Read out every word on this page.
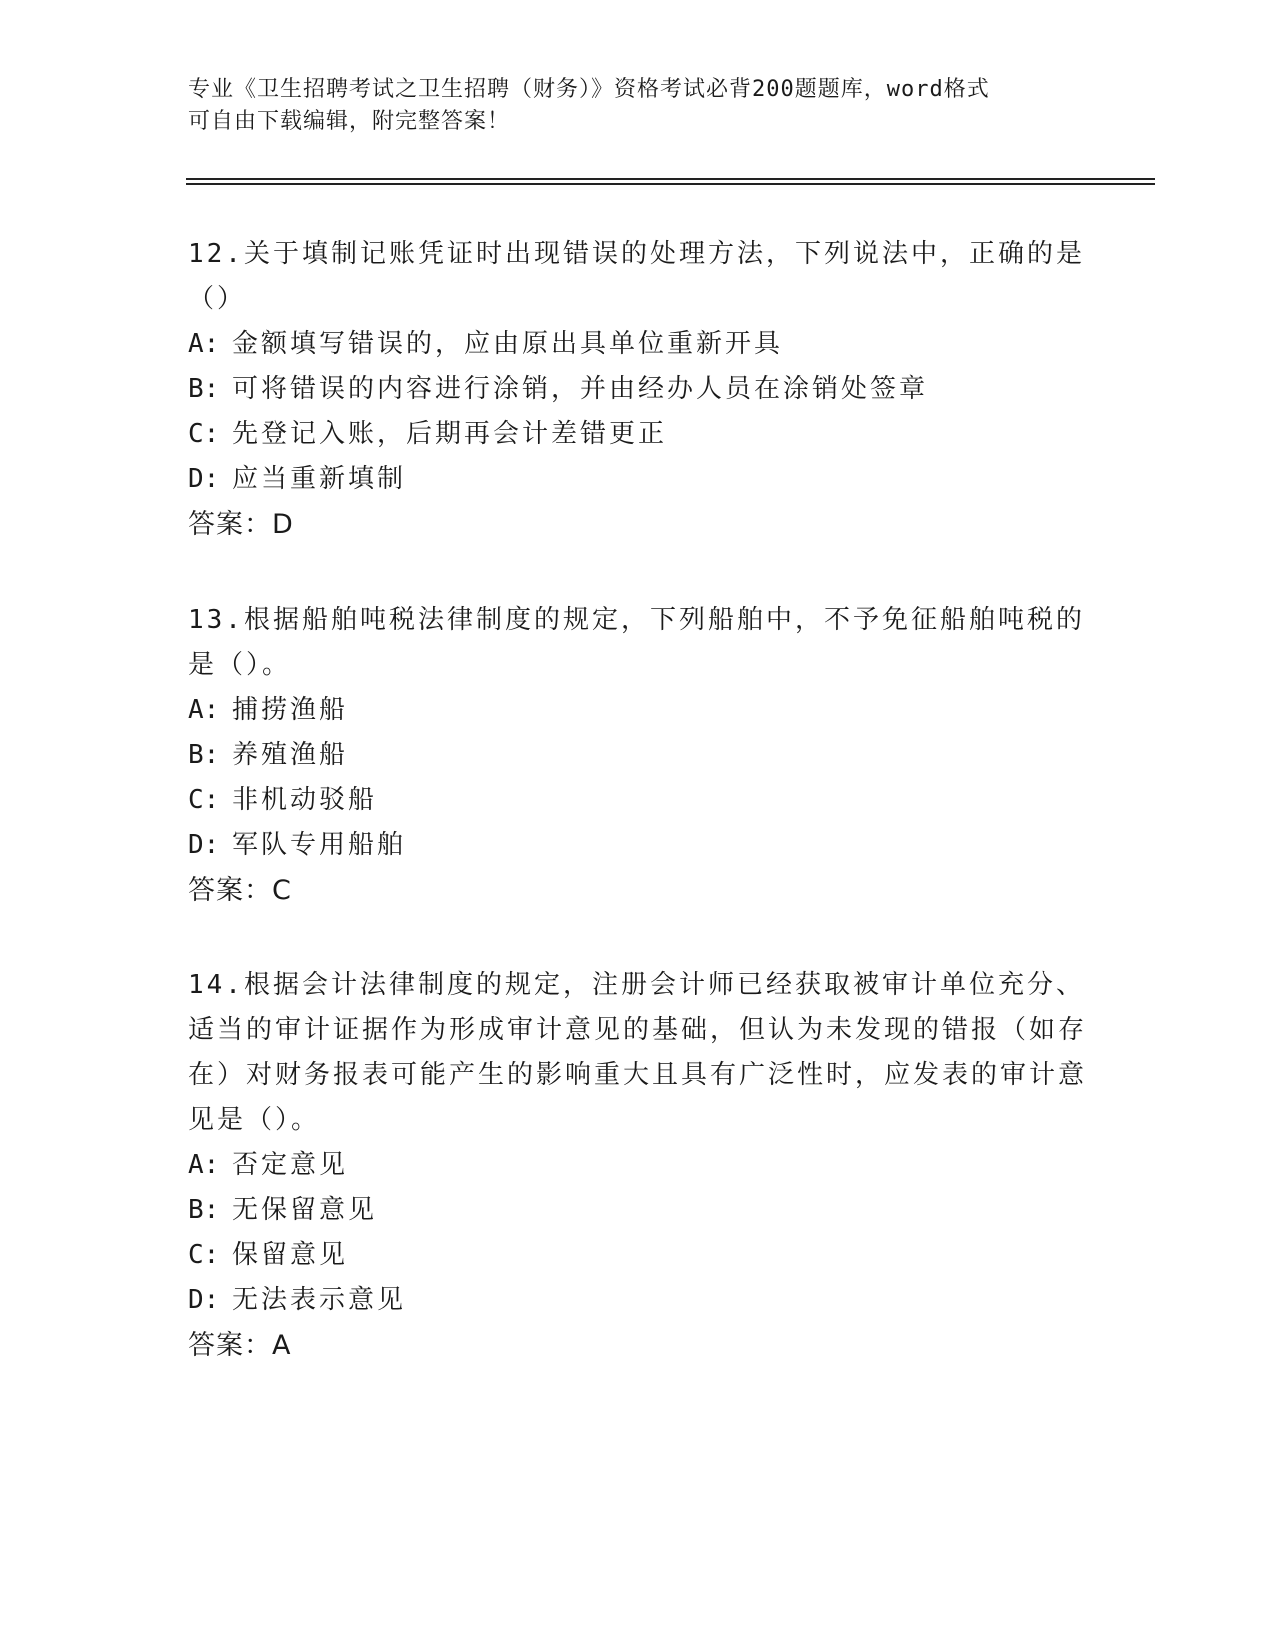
专业《卫生招聘考试之卫生招聘（财务）》资格考试必背200题题库，word格式
可自由下载编辑，附完整答案！

12.关于填制记账凭证时出现错误的处理方法，下列说法中，正确的是（）

A: 金额填写错误的，应由原出具单位重新开具

B: 可将错误的内容进行涂销，并由经办人员在涂销处签章

C: 先登记入账，后期再会计差错更正

D: 应当重新填制

答案：D

13.根据船舶吨税法律制度的规定，下列船舶中，不予免征船舶吨税的是（）。

A: 捕捞渔船

B: 养殖渔船

C: 非机动驳船

D: 军队专用船舶

答案：C

14.根据会计法律制度的规定，注册会计师已经获取被审计单位充分、适当的审计证据作为形成审计意见的基础，但认为未发现的错报（如存在）对财务报表可能产生的影响重大且具有广泛性时，应发表的审计意见是（）。

A: 否定意见

B: 无保留意见

C: 保留意见

D: 无法表示意见

答案：A
